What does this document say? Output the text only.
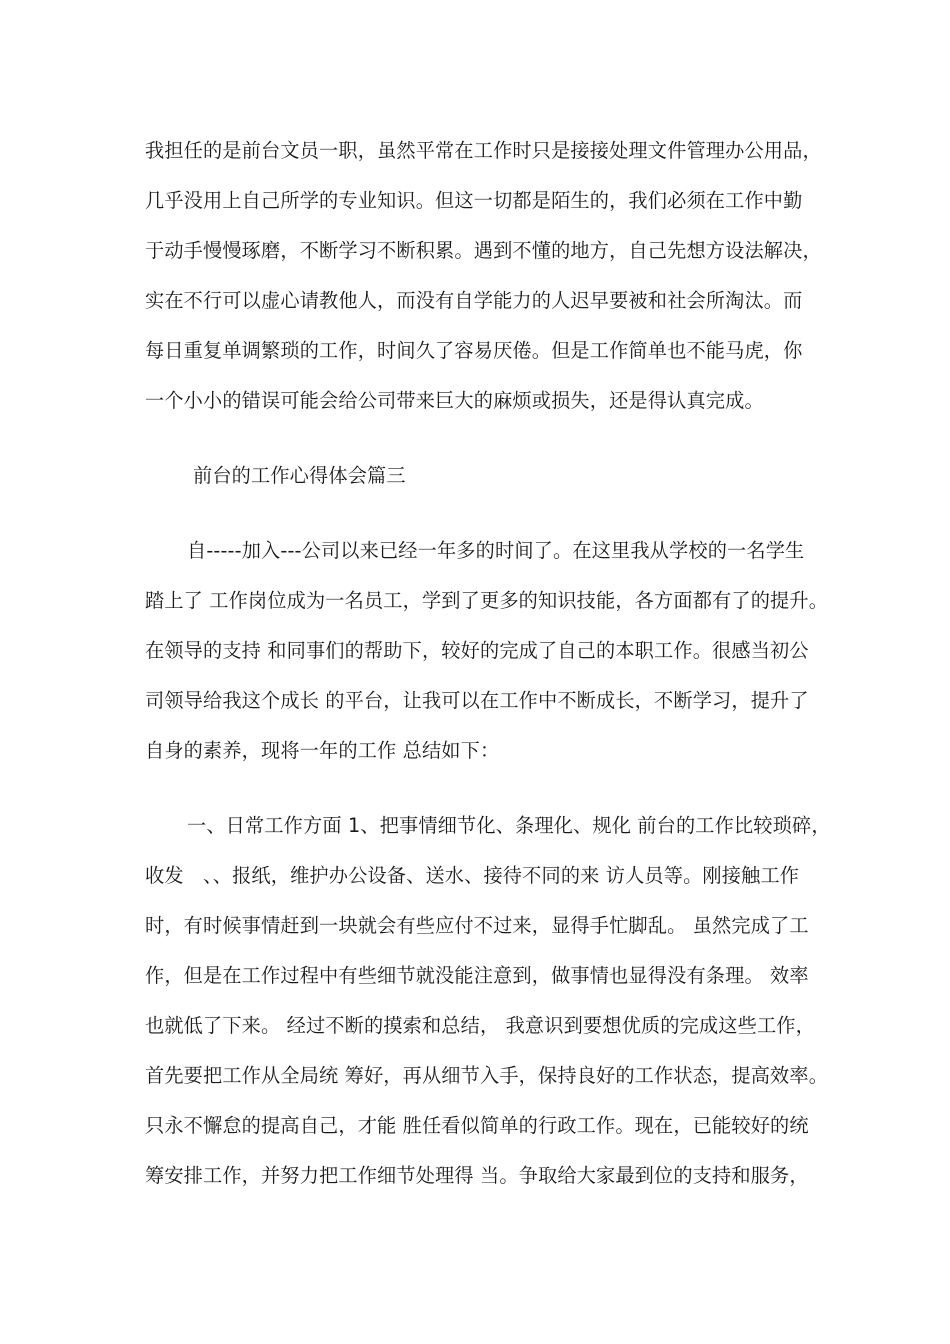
我担任的是前台文员一职，虽然平常在工作时只是接接处理文件管理办公用品，
几乎没用上自己所学的专业知识。但这一切都是陌生的，我们必须在工作中勤
于动手慢慢琢磨，不断学习不断积累。遇到不懂的地方，自己先想方设法解决，
实在不行可以虚心请教他人，而没有自学能力的人迟早要被和社会所淘汰。而
每日重复单调繁琐的工作，时间久了容易厌倦。但是工作简单也不能马虎，你
一个小小的错误可能会给公司带来巨大的麻烦或损失，还是得认真完成。
前台的工作心得体会篇三
自-----加入---公司以来已经一年多的时间了。在这里我从学校的一名学生
踏上了 工作岗位成为一名员工，学到了更多的知识技能，各方面都有了的提升。
在领导的支持 和同事们的帮助下，较好的完成了自己的本职工作。很感当初公
司领导给我这个成长 的平台，让我可以在工作中不断成长，不断学习，提升了
自身的素养，现将一年的工作 总结如下：
一、日常工作方面 1、把事情细节化、条理化、规化 前台的工作比较琐碎，
收发　、、报纸，维护办公设备、送水、接待不同的来 访人员等。刚接触工作
时，有时候事情赶到一块就会有些应付不过来，显得手忙脚乱。 虽然完成了工
作，但是在工作过程中有些细节就没能注意到，做事情也显得没有条理。 效率
也就低了下来。 经过不断的摸索和总结， 我意识到要想优质的完成这些工作，
首先要把工作从全局统 筹好，再从细节入手，保持良好的工作状态，提高效率。
只永不懈怠的提高自己，才能 胜任看似简单的行政工作。现在，已能较好的统
筹安排工作，并努力把工作细节处理得 当。争取给大家最到位的支持和服务，
